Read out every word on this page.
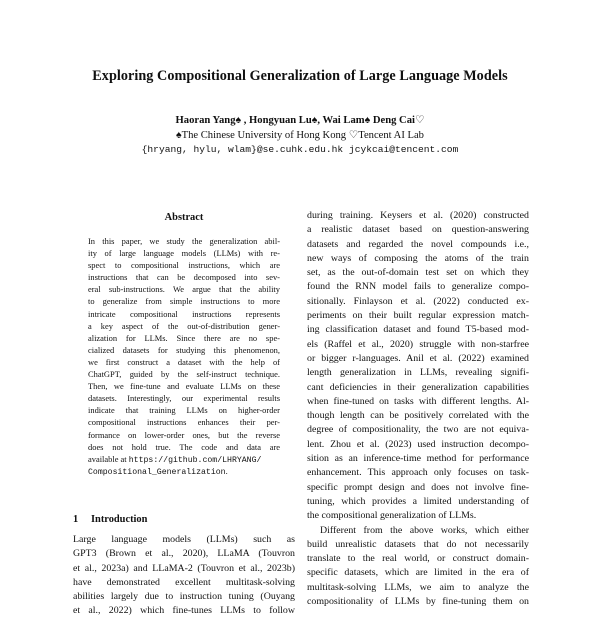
Exploring Compositional Generalization of Large Language Models
Haoran Yang♠ , Hongyuan Lu♠, Wai Lam♠ Deng Cai♡
♠The Chinese University of Hong Kong ♡Tencent AI Lab
{hryang, hylu, wlam}@se.cuhk.edu.hk jcykcai@tencent.com
Abstract
In this paper, we study the generalization abil-
ity of large language models (LLMs) with re-
spect to compositional instructions, which are
instructions that can be decomposed into sev-
eral sub-instructions. We argue that the ability
to generalize from simple instructions to more
intricate compositional instructions represents
a key aspect of the out-of-distribution gener-
alization for LLMs. Since there are no spe-
cialized datasets for studying this phenomenon,
we first construct a dataset with the help of
ChatGPT, guided by the self-instruct technique.
Then, we fine-tune and evaluate LLMs on these
datasets. Interestingly, our experimental results
indicate that training LLMs on higher-order
compositional instructions enhances their per-
formance on lower-order ones, but the reverse
does not hold true. The code and data are
available at https://github.com/LHRYANG/
Compositional_Generalization.
1 Introduction
Large language models (LLMs) such as
GPT3 (Brown et al., 2020), LLaMA (Touvron
et al., 2023a) and LLaMA-2 (Touvron et al., 2023b)
have demonstrated excellent multitask-solving
abilities largely due to instruction tuning (Ouyang
et al., 2022) which fine-tunes LLMs to follow
during training. Keysers et al. (2020) constructed
a realistic dataset based on question-answering
datasets and regarded the novel compounds i.e.,
new ways of composing the atoms of the train
set, as the out-of-domain test set on which they
found the RNN model fails to generalize compo-
sitionally. Finlayson et al. (2022) conducted ex-
periments on their built regular expression match-
ing classification dataset and found T5-based mod-
els (Raffel et al., 2020) struggle with non-starfree
or bigger r-languages. Anil et al. (2022) examined
length generalization in LLMs, revealing signifi-
cant deficiencies in their generalization capabilities
when fine-tuned on tasks with different lengths. Al-
though length can be positively correlated with the
degree of compositionality, the two are not equiva-
lent. Zhou et al. (2023) used instruction decompo-
sition as an inference-time method for performance
enhancement. This approach only focuses on task-
specific prompt design and does not involve fine-
tuning, which provides a limited understanding of
the compositional generalization of LLMs.
Different from the above works, which either
build unrealistic datasets that do not necessarily
translate to the real world, or construct domain-
specific datasets, which are limited in the era of
multitask-solving LLMs, we aim to analyze the
compositionality of LLMs by fine-tuning them on
